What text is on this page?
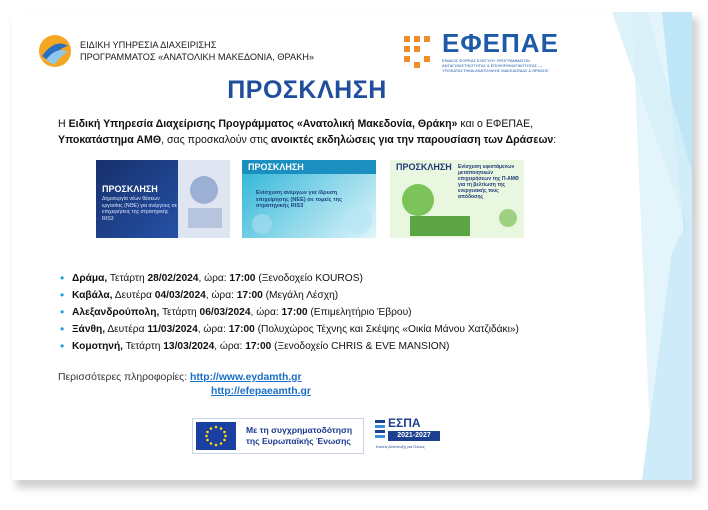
ΕΙΔΙΚΗ ΥΠΗΡΕΣΙΑ ΔΙΑΧΕΙΡΙΣΗΣ
ΠΡΟΓΡΑΜΜΑΤΟΣ «ΑΝΑΤΟΛΙΚΗ ΜΑΚΕΔΟΝΙΑ, ΘΡΑΚΗ»	ΕΦΕΠΑΕ
ΕΝΙΑΙΟΣ ΦΟΡΕΑΣ ΕΛΕΓΧΟΥ ΠΡΟΓΡΑΜΜΑΤΩΝ ΑΝΤΑΓΩΝΙΣΤΙΚΟΤΗΤΑΣ & ΕΠΙΧΕΙΡΗΜΑΤΙΚΟΤΗΤΑΣ — ΥΠΟΚΑΤΑΣΤΗΜΑ ΑΝΑΤΟΛΙΚΗΣ ΜΑΚΕΔΟΝΙΑΣ & ΘΡΑΚΗΣ
ΠΡΟΣΚΛΗΣΗ
Η Ειδική Υπηρεσία Διαχείρισης Προγράμματος «Ανατολική Μακεδονία, Θράκη» και ο ΕΦΕΠΑΕ,
Υποκατάστημα ΑΜΘ, σας προσκαλούν στις ανοικτές εκδηλώσεις για την παρουσίαση των Δράσεων:
ΠΡΟΣΚΛΗΣΗ
Δημιουργία νέων θέσεων εργασίας (ΝΘΕ) για ανέργους σε επιχειρήσεις της στρατηγικής RIS3
ΠΡΟΣΚΛΗΣΗ
Ενίσχυση ανέργων για ίδρυση επιχείρησης (ΝΕΕ) σε τομείς της στρατηγικής RIS3
ΠΡΟΣΚΛΗΣΗ Ενίσχυση υφιστάμενων μεταποιητικών επιχειρήσεων της Π-ΑΜΘ για τη βελτίωση της ενεργειακής τους απόδοσης
• Δράμα, Τετάρτη 28/02/2024, ώρα: 17:00 (Ξενοδοχείο KOUROS)
• Καβάλα, Δευτέρα 04/03/2024, ώρα: 17:00 (Μεγάλη Λέσχη)
• Αλεξανδρούπολη, Τετάρτη 06/03/2024, ώρα: 17:00 (Επιμελητήριο Έβρου)
• Ξάνθη, Δευτέρα 11/03/2024, ώρα: 17:00 (Πολυχώρος Τέχνης και Σκέψης «Οικία Μάνου Χατζιδάκι»)
• Κομοτηνή, Τετάρτη 13/03/2024, ώρα: 17:00 (Ξενοδοχείο CHRIS & EVE MANSION)
Περισσότερες πληροφορίες: http://www.eydamth.gr
http://efepaeamth.gr
Με τη συγχρηματοδότηση
της Ευρωπαϊκής Ένωσης
ΕΣΠΑ
2021-2027
Κανείς Ανάπτυξη για Όλους
